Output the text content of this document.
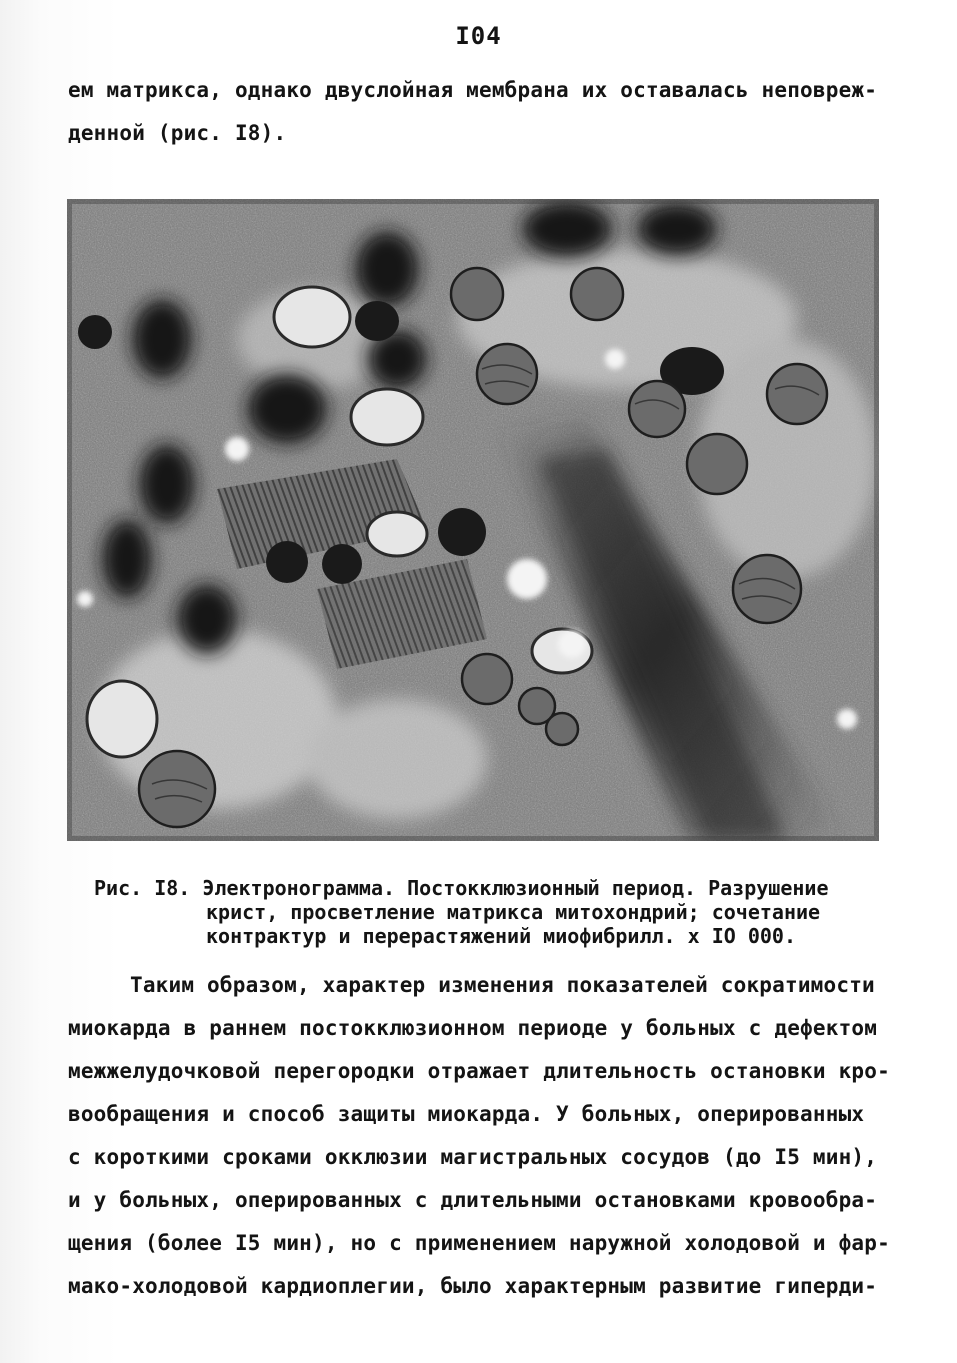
I04
ем матрикса, однако двуслойная мембрана их оставалась неповреж-
денной (рис. I8).
Рис. I8. Электронограмма. Постокклюзионный период. Разрушение
крист, просветление матрикса митохондрий; сочетание
контрактур и перерастяжений миофибрилл. х IO 000.
Таким образом, характер изменения показателей сократимости
миокарда в раннем постокклюзионном периоде у больных с дефектом
межжелудочковой перегородки отражает длительность остановки кро-
вообращения и способ защиты миокарда. У больных, оперированных
с короткими сроками окклюзии магистральных сосудов (до I5 мин),
и у больных, оперированных с длительными остановками кровообра-
щения (более I5 мин), но с применением наружной холодовой и фар-
мако-холодовой кардиоплегии, было характерным развитие гиперди-
